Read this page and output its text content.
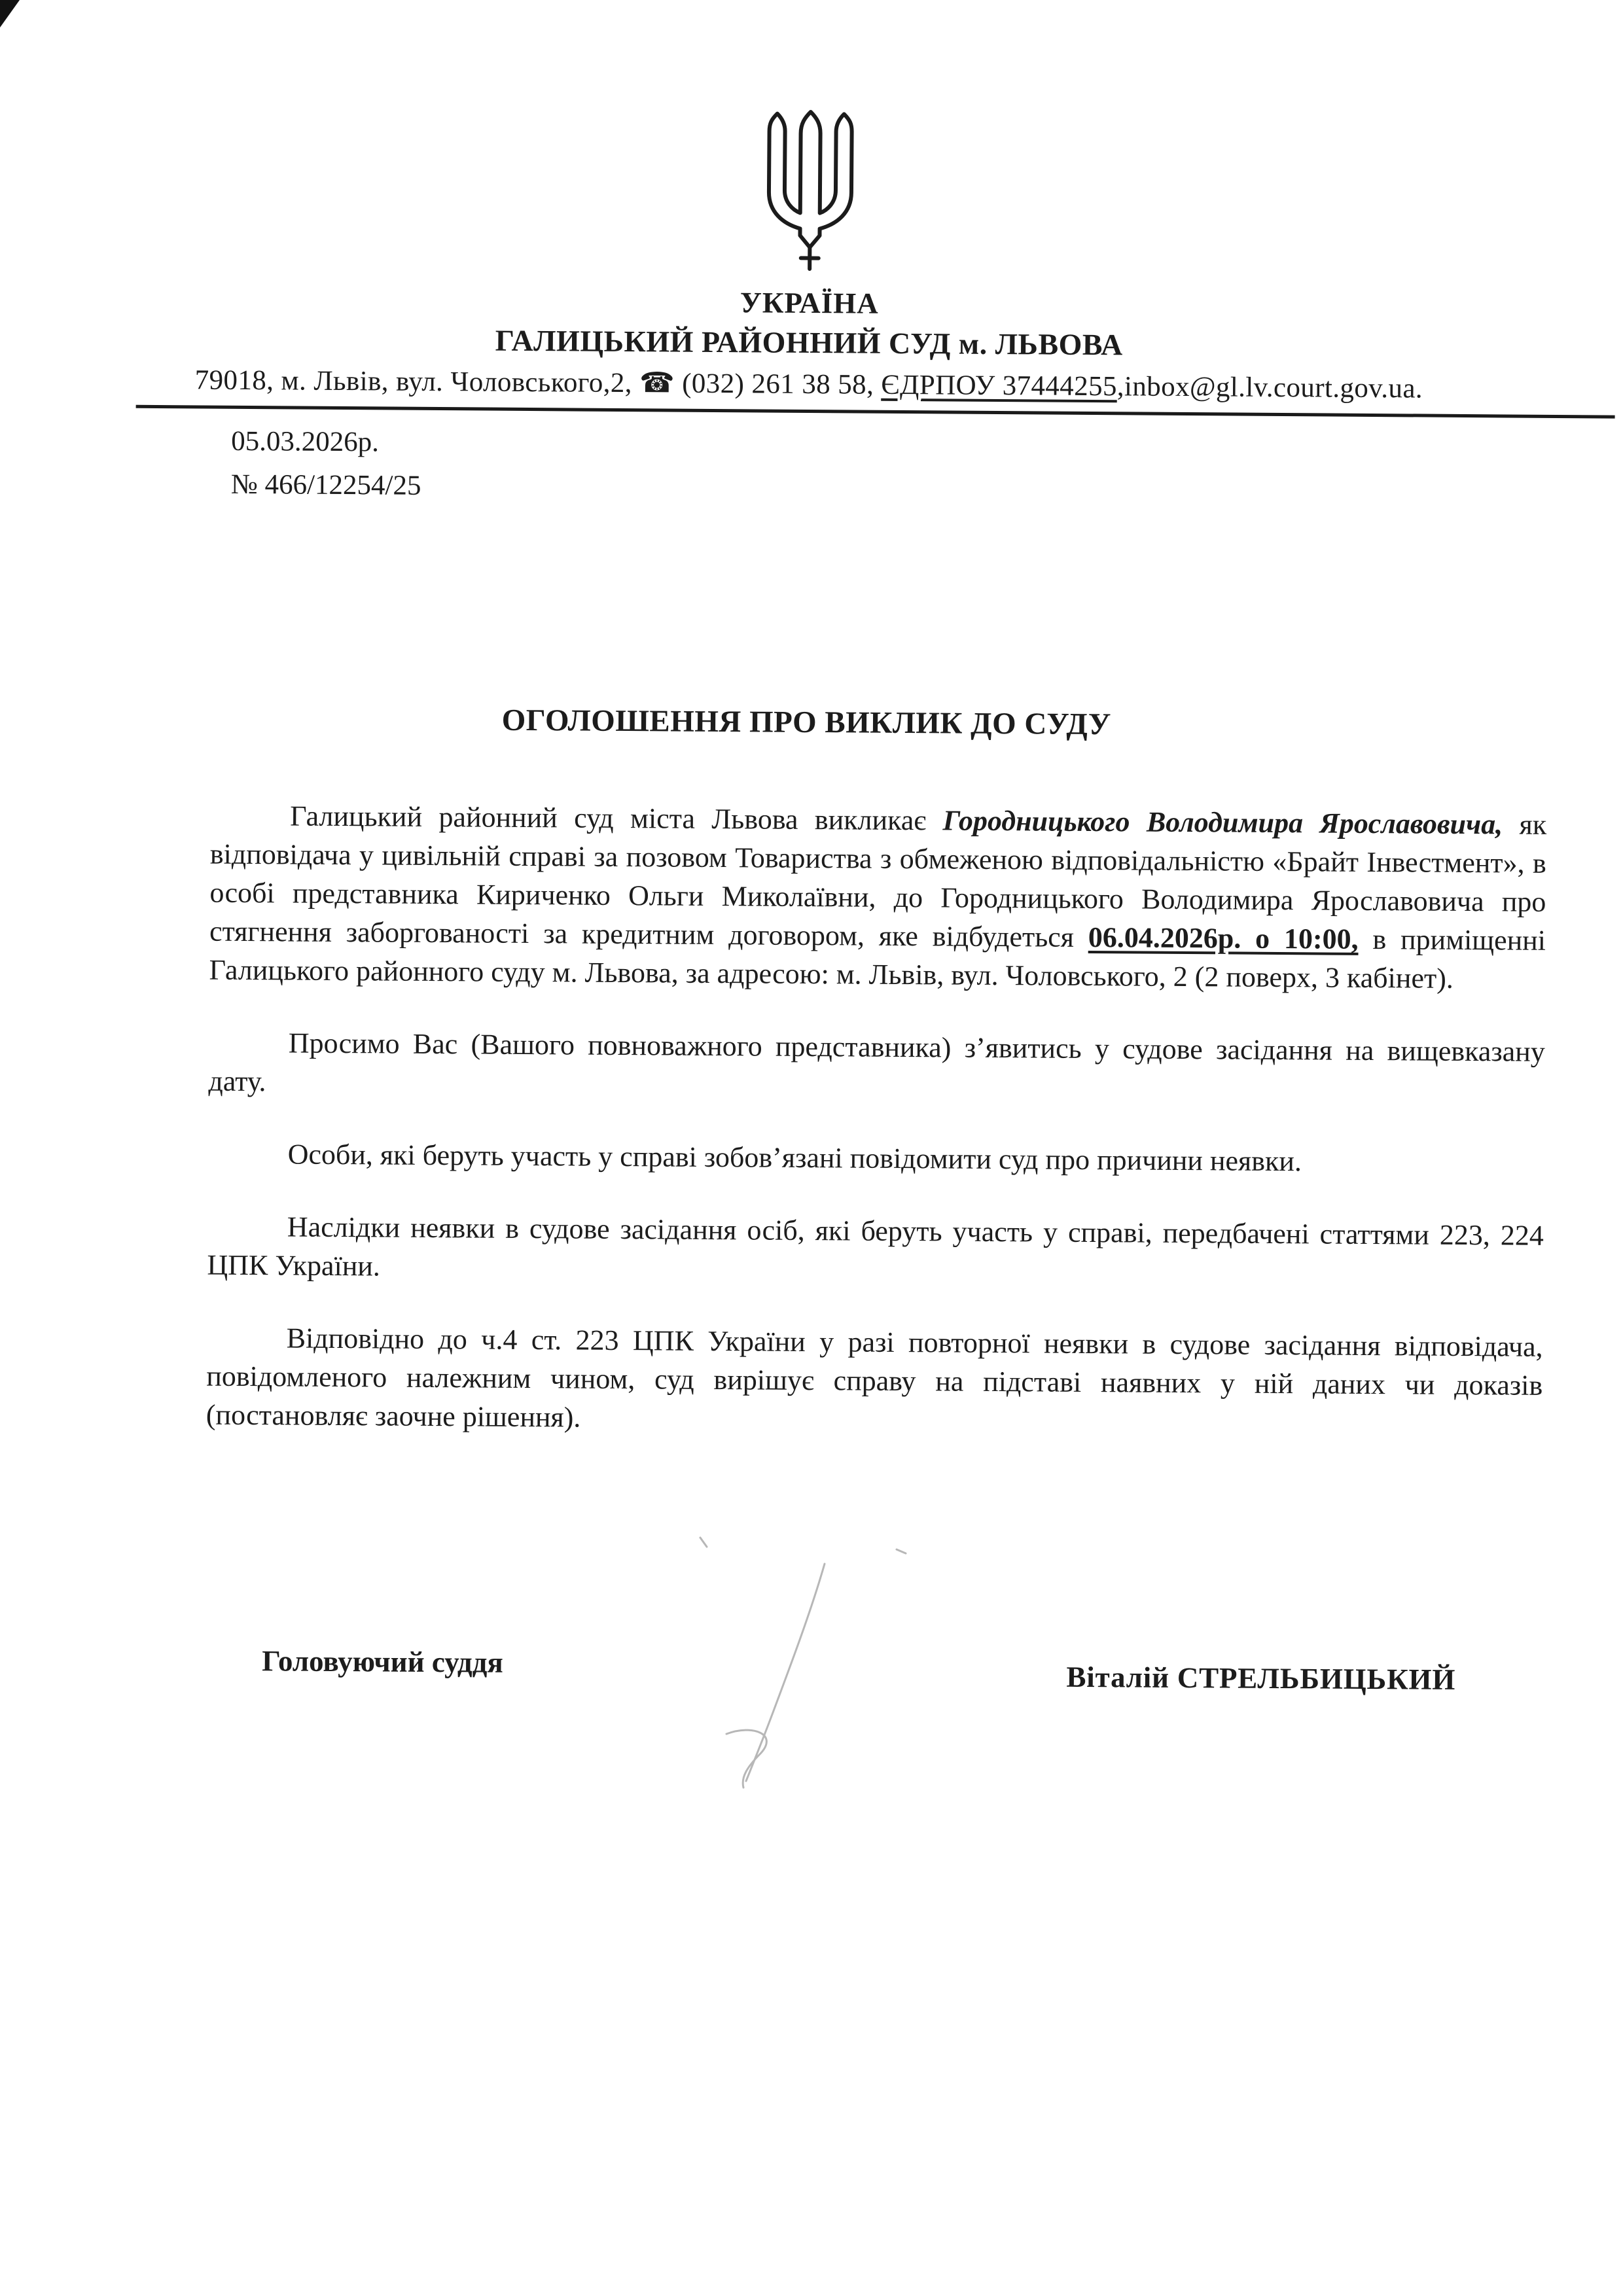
УКРАЇНА
ГАЛИЦЬКИЙ РАЙОННИЙ СУД м. ЛЬВОВА
79018, м. Львів, вул. Чоловського,2, ☎ (032) 261 38 58, ЄДРПОУ 37444255,inbox@gl.lv.court.gov.ua.
05.03.2026р.
№ 466/12254/25
ОГОЛОШЕННЯ ПРО ВИКЛИК ДО СУДУ

Галицький районний суд міста Львова викликає Городницького Володимира Ярославовича, як відповідача у цивільній справі за позовом Товариства з обмеженою відповідальністю «Брайт Інвестмент», в особі представника Кириченко Ольги Миколаївни, до Городницького Володимира Ярославовича про стягнення заборгованості за кредитним договором, яке відбудеться 06.04.2026р. о 10:00, в приміщенні Галицького районного суду м. Львова, за адресою: м. Львів, вул. Чоловського, 2 (2 поверх, 3 кабінет).

Просимо Вас (Вашого повноважного представника) з’явитись у судове засідання на вищевказану дату.

Особи, які беруть участь у справі зобов’язані повідомити суд про причини неявки.

Наслідки неявки в судове засідання осіб, які беруть участь у справі, передбачені статтями 223, 224 ЦПК України.

Відповідно до ч.4 ст. 223 ЦПК України у разі повторної неявки в судове засідання відповідача, повідомленого належним чином, суд вирішує справу на підставі наявних у ній даних чи доказів (постановляє заочне рішення).

Головуючий суддя	Віталій СТРЕЛЬБИЦЬКИЙ
